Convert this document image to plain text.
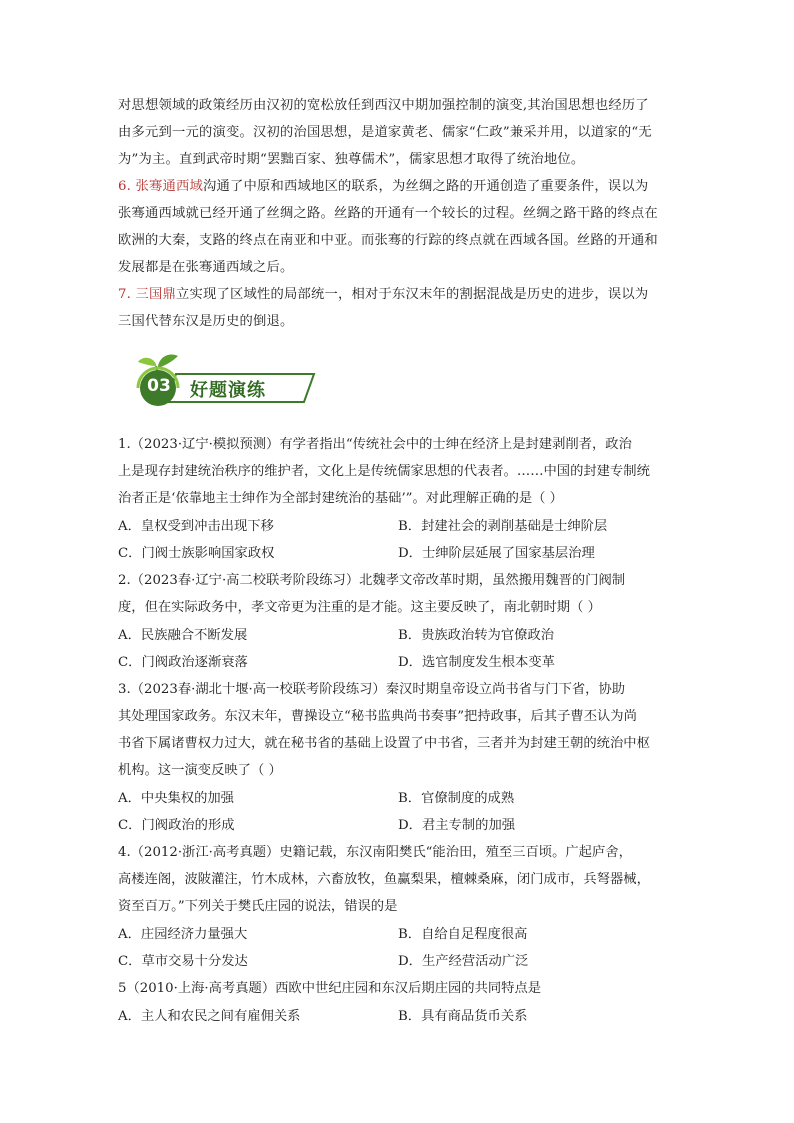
对思想领域的政策经历由汉初的宽松放任到西汉中期加强控制的演变,其治国思想也经历了
由多元到一元的演变。汉初的治国思想，是道家黄老、儒家“仁政”兼采并用，以道家的“无
为”为主。直到武帝时期“罢黜百家、独尊儒术”，儒家思想才取得了统治地位。
6. 张骞通西域沟通了中原和西域地区的联系，为丝绸之路的开通创造了重要条件，误以为
张骞通西域就已经开通了丝绸之路。丝路的开通有一个较长的过程。丝绸之路干路的终点在
欧洲的大秦，支路的终点在南亚和中亚。而张骞的行踪的终点就在西域各国。丝路的开通和
发展都是在张骞通西域之后。
7. 三国鼎立实现了区域性的局部统一，相对于东汉末年的割据混战是历史的进步，误以为
三国代替东汉是历史的倒退。
03 好题演练
1.（2023·辽宁·模拟预测）有学者指出“传统社会中的士绅在经济上是封建剥削者，政治
上是现存封建统治秩序的维护者，文化上是传统儒家思想的代表者。……中国的封建专制统
治者正是‘依靠地主士绅作为全部封建统治的基础’”。对此理解正确的是（ ）
A．皇权受到冲击出现下移	B．封建社会的剥削基础是士绅阶层
C．门阀士族影响国家政权	D．士绅阶层延展了国家基层治理
2.（2023春·辽宁·高二校联考阶段练习）北魏孝文帝改革时期，虽然搬用魏晋的门阀制
度，但在实际政务中，孝文帝更为注重的是才能。这主要反映了，南北朝时期（ ）
A．民族融合不断发展	B．贵族政治转为官僚政治
C．门阀政治逐渐衰落	D．选官制度发生根本变革
3.（2023春·湖北十堰·高一校联考阶段练习）秦汉时期皇帝设立尚书省与门下省，协助
其处理国家政务。东汉末年，曹操设立“秘书监典尚书奏事”把持政事，后其子曹丕认为尚
书省下属诸曹权力过大，就在秘书省的基础上设置了中书省，三者并为封建王朝的统治中枢
机构。这一演变反映了（ ）
A．中央集权的加强	B．官僚制度的成熟
C．门阀政治的形成	D．君主专制的加强
4.（2012·浙江·高考真题）史籍记载，东汉南阳樊氏“能治田，殖至三百顷。广起庐舍，
高楼连阁，波陂灌注，竹木成林，六畜放牧，鱼赢梨果，檀棘桑麻，闭门成市，兵弩器械，
资至百万。”下列关于樊氏庄园的说法，错误的是
A．庄园经济力量强大	B．自给自足程度很高
C．草市交易十分发达	D．生产经营活动广泛
5（2010·上海·高考真题）西欧中世纪庄园和东汉后期庄园的共同特点是
A．主人和农民之间有雇佣关系	B．具有商品货币关系
